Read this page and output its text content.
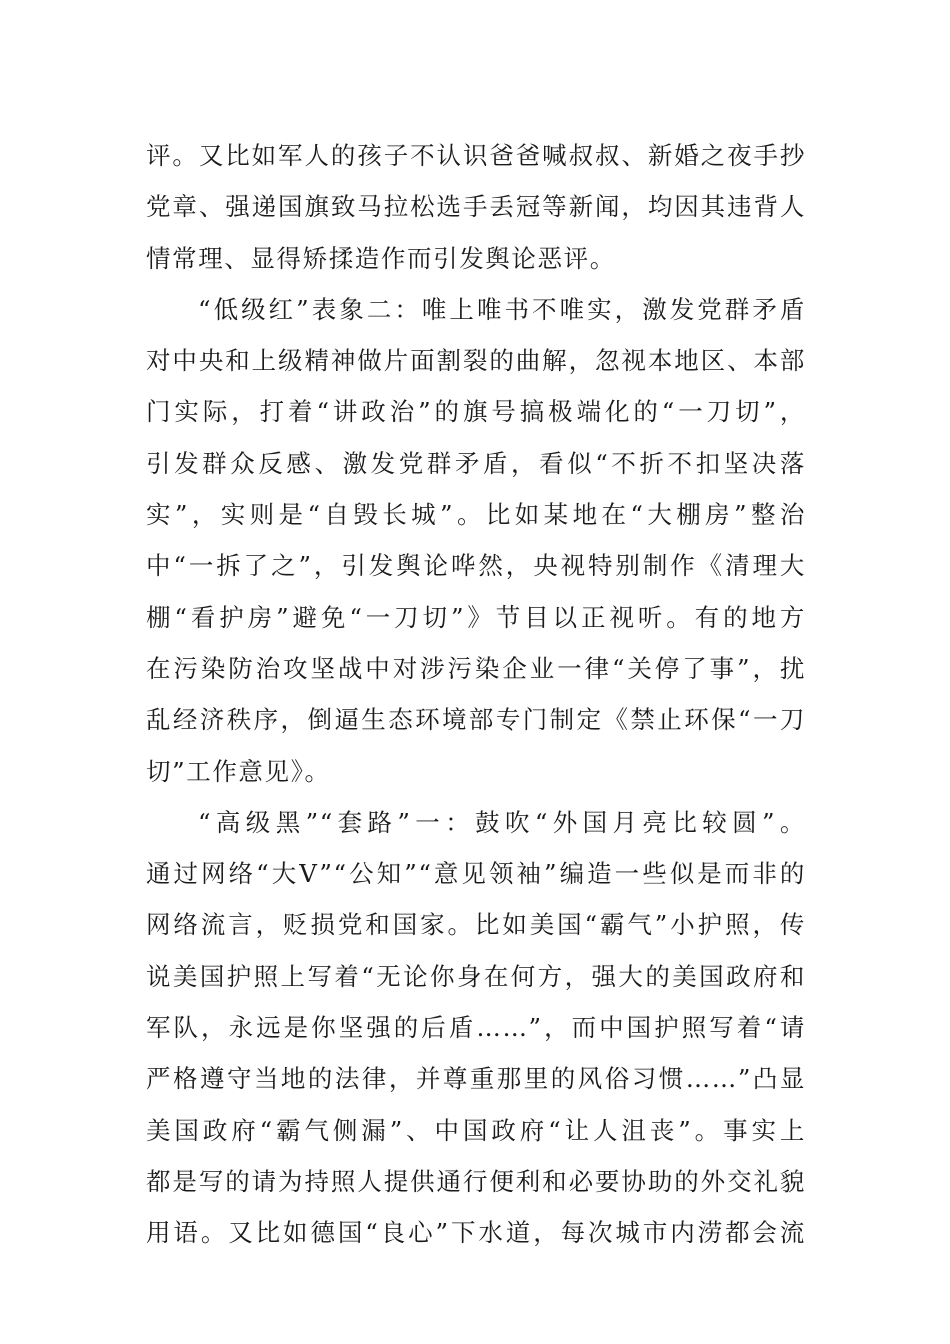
评。又比如军人的孩子不认识爸爸喊叔叔、新婚之夜手抄
党章、强递国旗致马拉松选手丢冠等新闻，均因其违背人
情常理、显得矫揉造作而引发舆论恶评。
“低级红”表象二：唯上唯书不唯实，激发党群矛盾
对中央和上级精神做片面割裂的曲解，忽视本地区、本部
门实际，打着“讲政治”的旗号搞极端化的“一刀切”，
引发群众反感、激发党群矛盾，看似“不折不扣坚决落
实”，实则是“自毁长城”。比如某地在“大棚房”整治
中“一拆了之”，引发舆论哗然，央视特别制作《清理大
棚“看护房”避免“一刀切”》节目以正视听。有的地方
在污染防治攻坚战中对涉污染企业一律“关停了事”，扰
乱经济秩序，倒逼生态环境部专门制定《禁止环保“一刀
切”工作意见》。
“高级黑”“套路”一：鼓吹“外国月亮比较圆”。
通过网络“大V”“公知”“意见领袖”编造一些似是而非的
网络流言，贬损党和国家。比如美国“霸气”小护照，传
说美国护照上写着“无论你身在何方，强大的美国政府和
军队，永远是你坚强的后盾……”，而中国护照写着“请
严格遵守当地的法律，并尊重那里的风俗习惯……”凸显
美国政府“霸气侧漏”、中国政府“让人沮丧”。事实上
都是写的请为持照人提供通行便利和必要协助的外交礼貌
用语。又比如德国“良心”下水道，每次城市内涝都会流
